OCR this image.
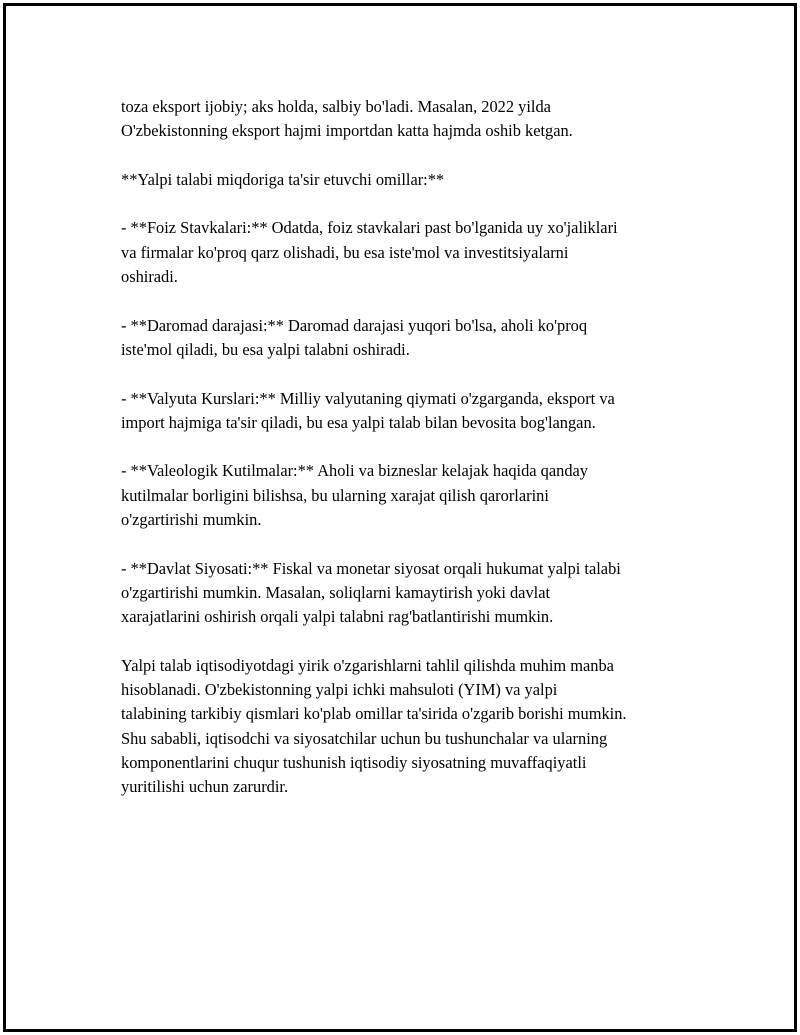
toza eksport ijobiy; aks holda, salbiy bo'ladi. Masalan, 2022 yilda
O'zbekistonning eksport hajmi importdan katta hajmda oshib ketgan.

**Yalpi talabi miqdoriga ta'sir etuvchi omillar:**

- **Foiz Stavkalari:** Odatda, foiz stavkalari past bo'lganida uy xo'jaliklari
va firmalar ko'proq qarz olishadi, bu esa iste'mol va investitsiyalarni
oshiradi.

- **Daromad darajasi:** Daromad darajasi yuqori bo'lsa, aholi ko'proq
iste'mol qiladi, bu esa yalpi talabni oshiradi.

- **Valyuta Kurslari:** Milliy valyutaning qiymati o'zgarganda, eksport va
import hajmiga ta'sir qiladi, bu esa yalpi talab bilan bevosita bog'langan.

- **Valeologik Kutilmalar:** Aholi va bizneslar kelajak haqida qanday
kutilmalar borligini bilishsa, bu ularning xarajat qilish qarorlarini
o'zgartirishi mumkin.

- **Davlat Siyosati:** Fiskal va monetar siyosat orqali hukumat yalpi talabi
o'zgartirishi mumkin. Masalan, soliqlarni kamaytirish yoki davlat
xarajatlarini oshirish orqali yalpi talabni rag'batlantirishi mumkin.

Yalpi talab iqtisodiyotdagi yirik o'zgarishlarni tahlil qilishda muhim manba
hisoblanadi. O'zbekistonning yalpi ichki mahsuloti (YIM) va yalpi
talabining tarkibiy qismlari ko'plab omillar ta'sirida o'zgarib borishi mumkin.
Shu sababli, iqtisodchi va siyosatchilar uchun bu tushunchalar va ularning
komponentlarini chuqur tushunish iqtisodiy siyosatning muvaffaqiyatli
yuritilishi uchun zarurdir.
